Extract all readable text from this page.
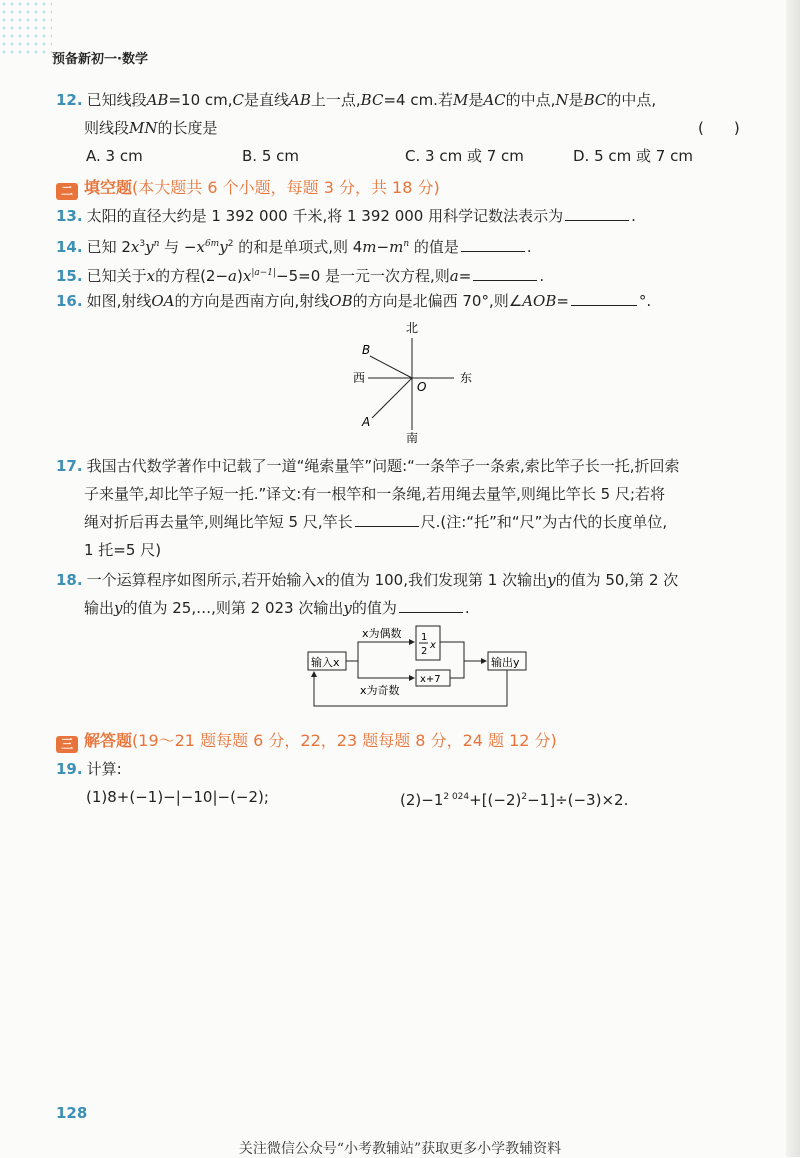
预备新初一·数学
12. 已知线段AB=10 cm,C是直线AB上一点,BC=4 cm.若M是AC的中点,N是BC的中点,
则线段MN的长度是	(　　)
A. 3 cm	B. 5 cm	C. 3 cm 或 7 cm	D. 5 cm 或 7 cm
二 填空题(本大题共 6 个小题，每题 3 分，共 18 分)
13. 太阳的直径大约是 1 392 000 千米,将 1 392 000 用科学记数法表示为	.
14. 已知 $2x^3y^n$ 与 $-x^{6m}y^2$ 的和是单项式,则 $4m-m^n$ 的值是	.
15. 已知关于x的方程$(2-a)x^{|a-1|}-5=0$ 是一元一次方程,则a=	.
16. 如图,射线OA的方向是西南方向,射线OB的方向是北偏西 70°,则∠AOB=	°.
北
南
西	东
O
A
B
17. 我国古代数学著作中记载了一道“绳索量竿”问题:“一条竿子一条索,索比竿子长一托,折回索
子来量竿,却比竿子短一托.”译文:有一根竿和一条绳,若用绳去量竿,则绳比竿长 5 尺;若将
绳对折后再去量竿,则绳比竿短 5 尺,竿长	尺.(注:“托”和“尺”为古代的长度单位,
1 托=5 尺)
18. 一个运算程序如图所示,若开始输入x的值为 100,我们发现第 1 次输出y的值为 50,第 2 次
输出y的值为 25,…,则第 2 023 次输出y的值为	.
输入x
1
2
x
x+7
输出y
x为偶数
x为奇数
三 解答题(19～21 题每题 6 分，22，23 题每题 8 分，24 题 12 分)
19. 计算:
(1)8+(−1)−|−10|−(−2);	$(2)-1^{2 024}+[(-2)^2-1]\div(-3)\times 2$.
128
关注微信公众号“小考教辅站”获取更多小学教辅资料
